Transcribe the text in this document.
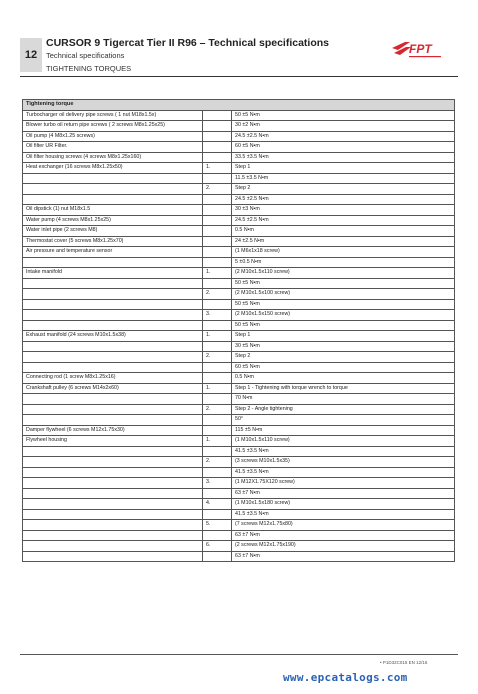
12
CURSOR 9 Tigercat Tier II R96 – Technical specifications
Technical specifications
TIGHTENING TORQUES
FPT
Tightening torque		
Turbocharger oil delivery pipe screws ( 1 nut M18x1.5x)		50 ±5 N•m
Blower turbo oil return pipe screws ( 2 screws M8x1.25x25)		30 ±2 N•m
Oil pump (4 M8x1.25 screws)		24.5 ±2.5 N•m
Oil filter UR Filter.		60 ±5 N•m
Oil filter housing screws (4 screws M8x1.25x160)		33.5 ±3.5 N•m
Heat exchanger (16 screws M8x1.25x50)	1.	Step 1
		11.5 ±3.5 N•m
	2.	Step 2
		24.5 ±2.5 N•m
Oil dipstick (1) nut M18x1.5		30 ±3 N•m
Water pump (4 screws M8x1.25x25)		24.5 ±2.5 N•m
Water inlet pipe (2 screws M8)		0.5 N•m
Thermostat cover (5 screws M8x1.25x70)		24 ±2.5 N•m
Air pressure and temperature sensor		(1 M6x1x18 screw)
		5 ±0.5 N•m
Intake manifold	1.	(2 M10x1.5x110 screw)
		50 ±5 N•m
	2.	(2 M10x1.5x100 screw)
		50 ±5 N•m
	3.	(2 M10x1.5x150 screw)
		50 ±5 N•m
Exhaust manifold (24 screws M10x1.5x38)	1.	Step 1
		30 ±5 N•m
	2.	Step 2
		60 ±5 N•m
Connecting rod (1 screw M8x1.25x16)		0.5 N•m
Crankshaft pulley (6 screws M14x2x60)	1.	Step 1 - Tightening with torque wrench to torque
		70 N•m
	2.	Step 2 - Angle tightening
		50°
Damper flywheel (6 screws M12x1.75x30)		115 ±5 N•m
Flywheel housing	1.	(1 M10x1.5x110 screw)
		41.5 ±3.5 N•m
	2.	(3 screws M10x1.5x35)
		41.5 ±3.5 N•m
	3.	(1 M12X1.75X120 screw)
		63 ±7 N•m
	4.	(1 M10x1.5x180 screw)
		41.5 ±3.5 N•m
	5.	(7 screws M12x1.75x80)
		63 ±7 N•m
	6.	(2 screws M12x1.75x190)
		63 ±7 N•m
• P1D32C015 EN 12/16
www.epcatalogs.com
